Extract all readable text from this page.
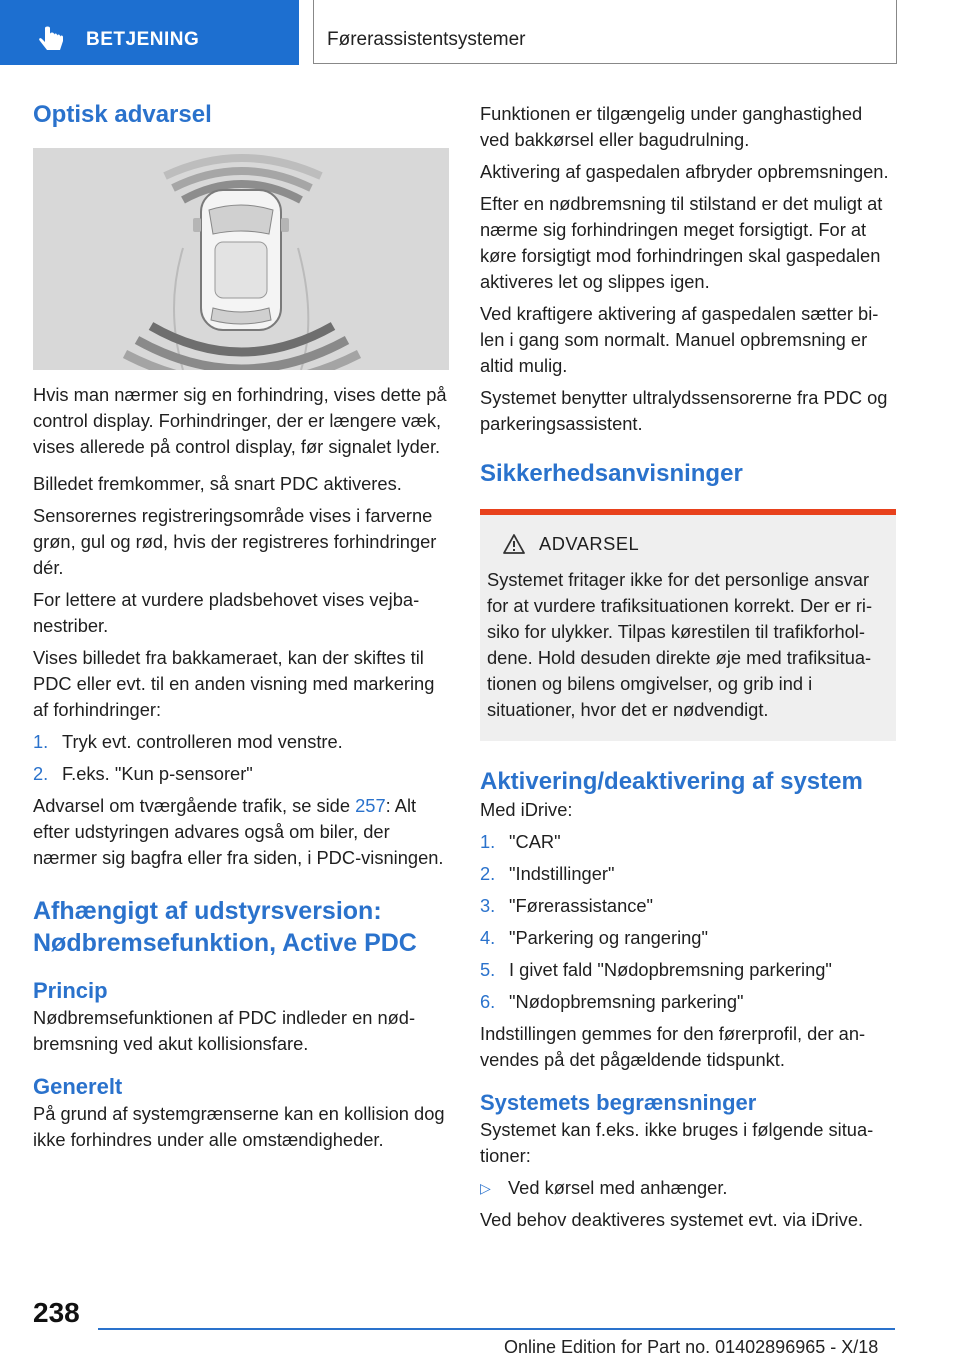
BETJENING	Førerassistentsystemer
Optisk advarsel

Hvis man nærmer sig en forhindring, vises dette på control display. Forhindringer, der er længere væk, vises allerede på control display, før signalet lyder.

Billedet fremkommer, så snart PDC aktiveres.

Sensorernes registreringsområde vises i farverne grøn, gul og rød, hvis der registreres forhindringer dér.

For lettere at vurdere pladsbehovet vises vejbanestriber.

Vises billedet fra bakkameraet, kan der skiftes til PDC eller evt. til en anden visning med markering af forhindringer:

1. Tryk evt. controlleren mod venstre.
2. F.eks. "Kun p-sensorer"

Advarsel om tværgående trafik, se side 257: Alt efter udstyringen advares også om biler, der nærmer sig bagfra eller fra siden, i PDC-visningen.

Afhængigt af udstyrsversion: Nødbremsefunktion, Active PDC
Princip

Nødbremsefunktionen af PDC indleder en nødbremsning ved akut kollisionsfare.

Generelt

På grund af systemgrænserne kan en kollision dog ikke forhindres under alle omstændigheder.

Funktionen er tilgængelig under ganghastighed ved bakkørsel eller bagudrulning.

Aktivering af gaspedalen afbryder opbremsningen.

Efter en nødbremsning til stilstand er det muligt at nærme sig forhindringen meget forsigtigt. For at køre forsigtigt mod forhindringen skal gaspedalen aktiveres let og slippes igen.

Ved kraftigere aktivering af gaspedalen sætter bilen i gang som normalt. Manuel opbremsning er altid mulig.

Systemet benytter ultralydssensorerne fra PDC og parkeringsassistent.

Sikkerhedsanvisninger
ADVARSEL

Systemet fritager ikke for det personlige ansvar for at vurdere trafiksituationen korrekt. Der er risiko for ulykker. Tilpas kørestilen til trafikforholdene. Hold desuden direkte øje med trafiksituationen og bilens omgivelser, og grib ind i situationer, hvor det er nødvendigt.

Aktivering/deaktivering af system

Med iDrive:

1. "CAR"
2. "Indstillinger"
3. "Førerassistance"
4. "Parkering og rangering"
5. I givet fald "Nødopbremsning parkering"
6. "Nødopbremsning parkering"

Indstillingen gemmes for den førerprofil, der anvendes på det pågældende tidspunkt.

Systemets begrænsninger

Systemet kan f.eks. ikke bruges i følgende situationer:

▷ Ved kørsel med anhænger.

Ved behov deaktiveres systemet evt. via iDrive.

238
Online Edition for Part no. 01402896965 - X/18
